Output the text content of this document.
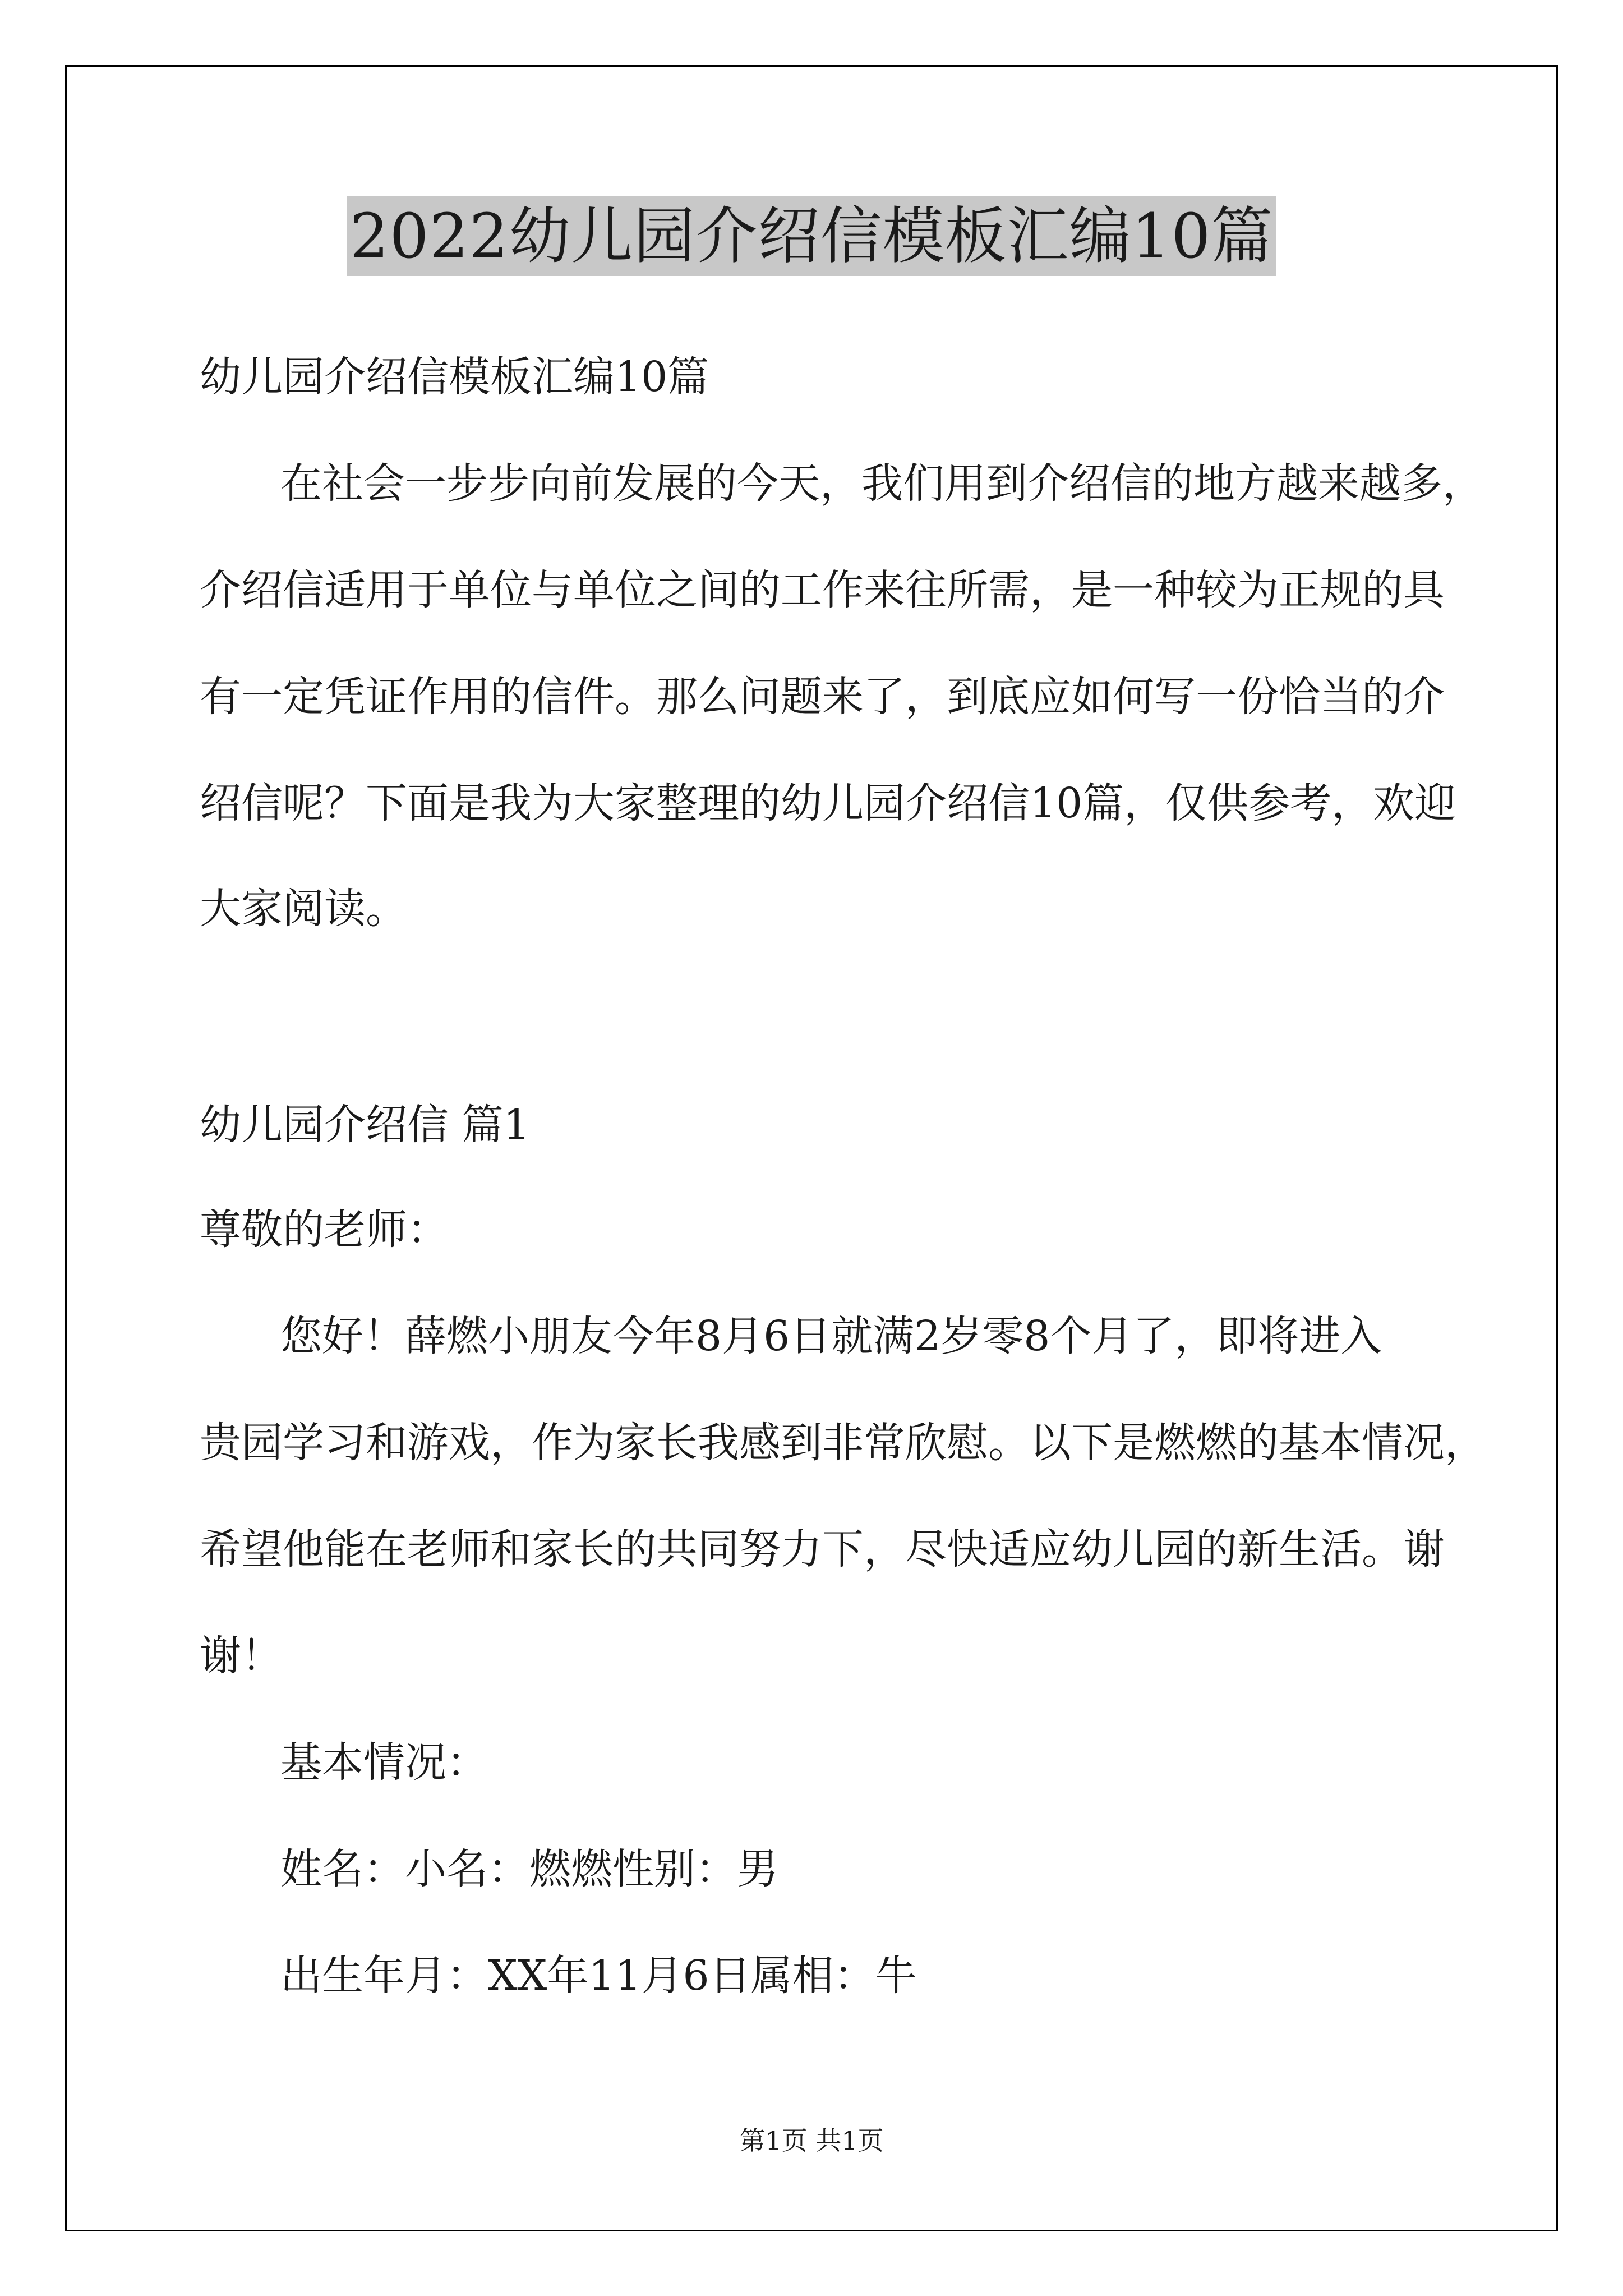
2022幼儿园介绍信模板汇编10篇

幼儿园介绍信模板汇编10篇

在社会一步步向前发展的今天，我们用到介绍信的地方越来越多，

介绍信适用于单位与单位之间的工作来往所需，是一种较为正规的具

有一定凭证作用的信件。那么问题来了，到底应如何写一份恰当的介

绍信呢？下面是我为大家整理的幼儿园介绍信10篇，仅供参考，欢迎

大家阅读。

幼儿园介绍信 篇1

尊敬的老师：

您好！薛燃小朋友今年8月6日就满2岁零8个月了，即将进入

贵园学习和游戏，作为家长我感到非常欣慰。以下是燃燃的基本情况，

希望他能在老师和家长的共同努力下，尽快适应幼儿园的新生活。谢

谢！

基本情况：

姓名：小名：燃燃性别：男

出生年月：XX年11月6日属相：牛

第1页 共1页
